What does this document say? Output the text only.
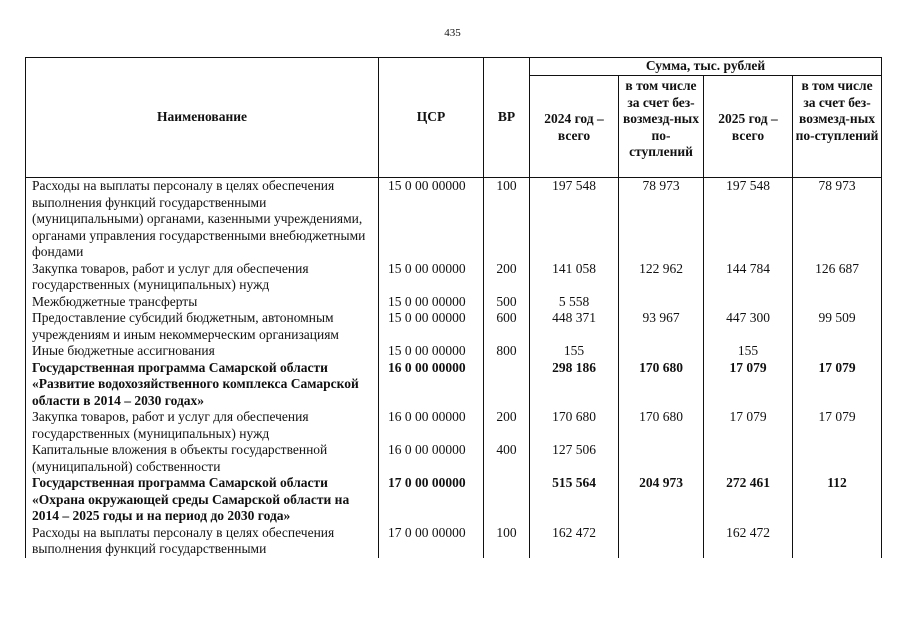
435
Наименование	ЦСР	ВР	Сумма, тыс. рублей			
			2024 год – всего	в том числе за счет без-возмезд-ных по-ступлений	2025 год – всего	в том числе за счет без-возмезд-ных по-ступлений
Расходы на выплаты персоналу в целях обеспечения выполнения функций государственными (муниципальными) органами, казенными учреждениями, органами управления государственными внебюджетными фондами	15 0 00 00000	100	197 548	78 973	197 548	78 973
Закупка товаров, работ и услуг для обеспечения государственных (муниципальных) нужд	15 0 00 00000	200	141 058	122 962	144 784	126 687
Межбюджетные трансферты	15 0 00 00000	500	5 558			
Предоставление субсидий бюджетным, автономным учреждениям и иным некоммерческим организациям	15 0 00 00000	600	448 371	93 967	447 300	99 509
Иные бюджетные ассигнования	15 0 00 00000	800	155		155	
Государственная программа Самарской области «Развитие водохозяйственного комплекса Самарской области в 2014 – 2030 годах»	16 0 00 00000		298 186	170 680	17 079	17 079
Закупка товаров, работ и услуг для обеспечения государственных (муниципальных) нужд	16 0 00 00000	200	170 680	170 680	17 079	17 079
Капитальные вложения в объекты государственной (муниципальной) собственности	16 0 00 00000	400	127 506			
Государственная программа Самарской области «Охрана окружающей среды Самарской области на 2014 – 2025 годы и на период до 2030 года»	17 0 00 00000		515 564	204 973	272 461	112
Расходы на выплаты персоналу в целях обеспечения выполнения функций государственными	17 0 00 00000	100	162 472		162 472	
